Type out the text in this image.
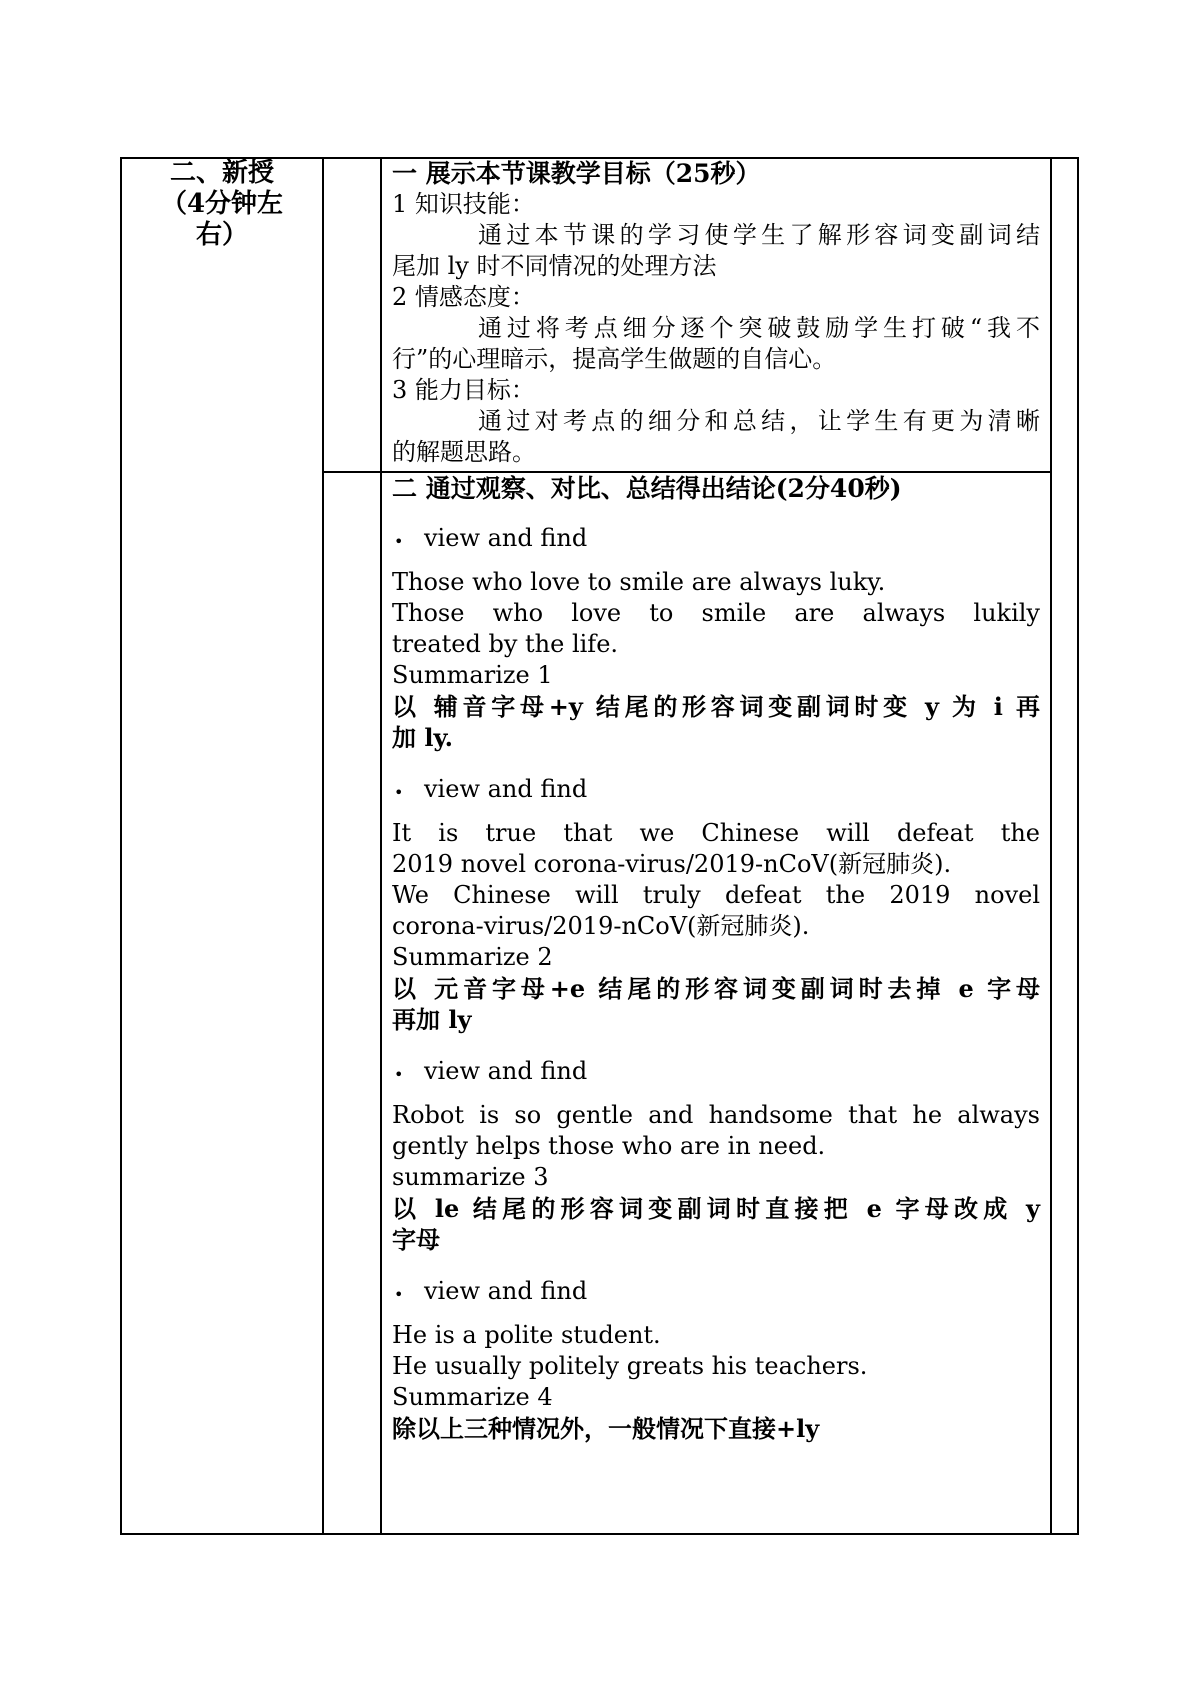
二、新授
（4分钟左
右）
一 展示本节课教学目标（25秒）
1 知识技能：
通过本节课的学习使学生了解形容词变副词结
尾加 ly 时不同情况的处理方法
2 情感态度：
通过将考点细分逐个突破鼓励学生打破“我不
行”的心理暗示，提高学生做题的自信心。
3 能力目标：
通过对考点的细分和总结，让学生有更为清晰
的解题思路。
二 通过观察、对比、总结得出结论(2分40秒)
• view and find
Those who love to smile are always luky.
Those who love to smile are always lukily
treated by the life.
Summarize 1
以 辅音字母+y 结尾的形容词变副词时变 y 为 i 再
加 ly.
• view and find
It is true that we Chinese will defeat the
2019 novel corona-virus/2019-nCoV(新冠肺炎).
We Chinese will truly defeat the 2019 novel
corona-virus/2019-nCoV(新冠肺炎).
Summarize 2
以 元音字母+e 结尾的形容词变副词时去掉 e 字母
再加 ly
• view and find
Robot is so gentle and handsome that he always
gently helps those who are in need.
summarize 3
以 le 结尾的形容词变副词时直接把 e 字母改成 y
字母
• view and find
He is a polite student.
He usually politely greats his teachers.
Summarize 4
除以上三种情况外，一般情况下直接+ly
